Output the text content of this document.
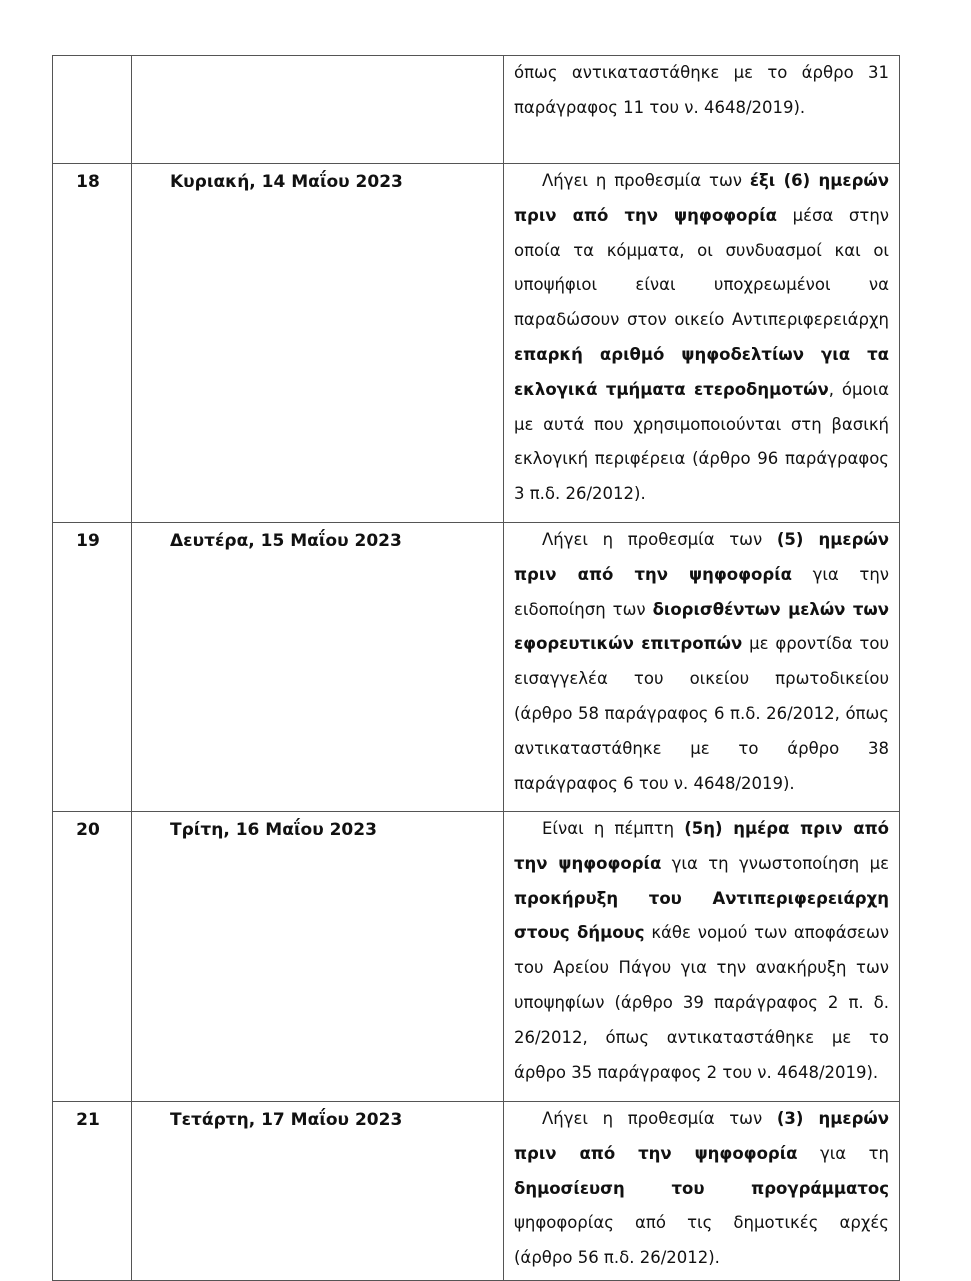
		όπως αντικαταστάθηκε με το άρθρο 31 παράγραφος 11 του ν. 4648/2019).

18	Κυριακή, 14 Μαΐου 2023	Λήγει η προθεσμία των έξι (6) ημερών πριν από την ψηφοφορία μέσα στην οποία τα κόμματα, οι συνδυασμοί και οι υποψήφιοι είναι υποχρεωμένοι να παραδώσουν στον οικείο Αντιπεριφερειάρχη επαρκή αριθμό ψηφοδελτίων για τα εκλογικά τμήματα ετεροδημοτών, όμοια με αυτά που χρησιμοποιούνται στη βασική εκλογική περιφέρεια (άρθρο 96 παράγραφος 3 π.δ. 26/2012).

19	Δευτέρα, 15 Μαΐου 2023	Λήγει η προθεσμία των (5) ημερών πριν από την ψηφοφορία για την ειδοποίηση των διορισθέντων μελών των εφορευτικών επιτροπών με φροντίδα του εισαγγελέα του οικείου πρωτοδικείου (άρθρο 58 παράγραφος 6 π.δ. 26/2012, όπως αντικαταστάθηκε με το άρθρο 38 παράγραφος 6 του ν. 4648/2019).

20	Τρίτη, 16 Μαΐου 2023	Είναι η πέμπτη (5η) ημέρα πριν από την ψηφοφορία για τη γνωστοποίηση με προκήρυξη του Αντιπεριφερειάρχη στους δήμους κάθε νομού των αποφάσεων του Αρείου Πάγου για την ανακήρυξη των υποψηφίων (άρθρο 39 παράγραφος 2 π. δ. 26/2012, όπως αντικαταστάθηκε με το άρθρο 35 παράγραφος 2 του ν. 4648/2019).

21	Τετάρτη, 17 Μαΐου 2023	Λήγει η προθεσμία των (3) ημερών πριν από την ψηφοφορία για τη δημοσίευση του προγράμματος ψηφοφορίας από τις δημοτικές αρχές (άρθρο 56 π.δ. 26/2012).
